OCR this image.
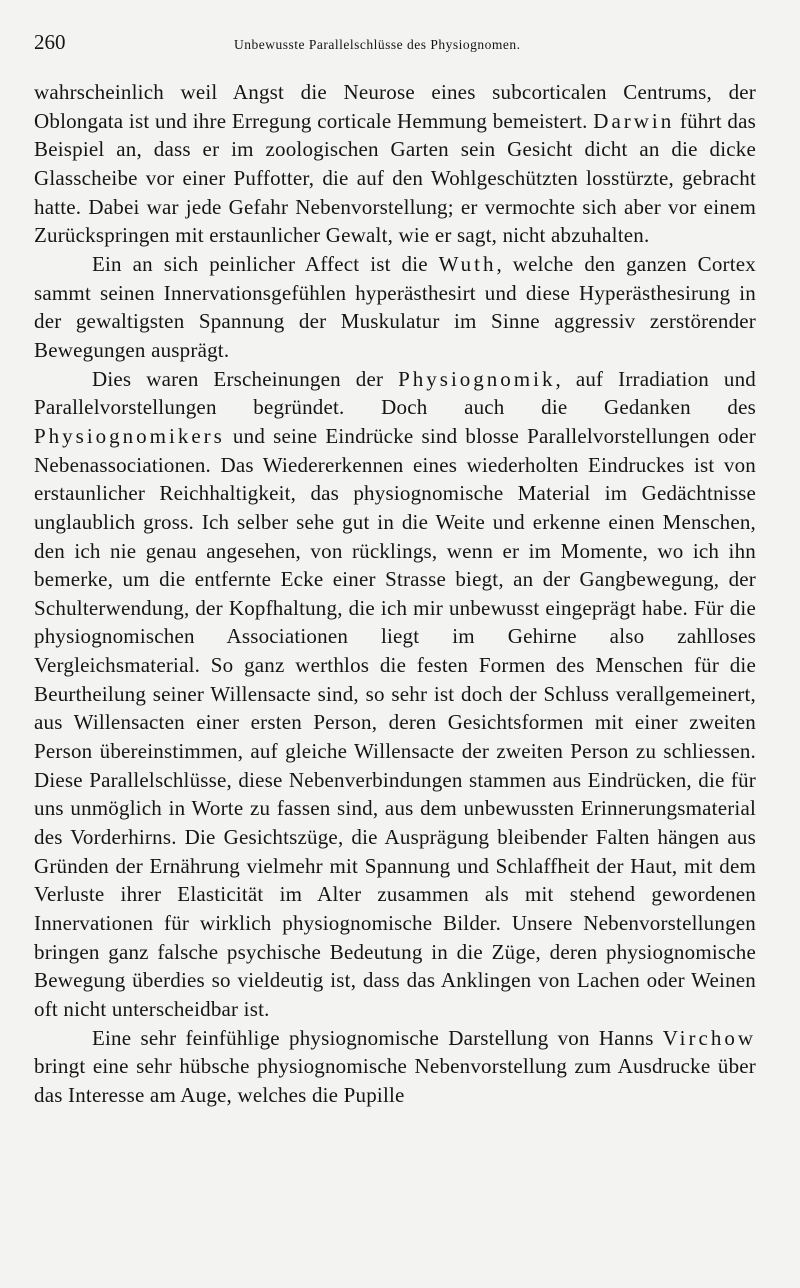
260	Unbewusste Parallelschlüsse des Physiognomen.

wahrscheinlich weil Angst die Neurose eines subcorticalen Centrums, der Oblongata ist und ihre Erregung corticale Hemmung bemeistert. Darwin führt das Beispiel an, dass er im zoologischen Garten sein Gesicht dicht an die dicke Glasscheibe vor einer Puffotter, die auf den Wohlgeschützten losstürzte, gebracht hatte. Dabei war jede Gefahr Nebenvorstellung; er vermochte sich aber vor einem Zurückspringen mit erstaunlicher Gewalt, wie er sagt, nicht abzuhalten.

Ein an sich peinlicher Affect ist die Wuth, welche den ganzen Cortex sammt seinen Innervationsgefühlen hyperästhesirt und diese Hyperästhesirung in der gewaltigsten Spannung der Muskulatur im Sinne aggressiv zerstörender Bewegungen ausprägt.

Dies waren Erscheinungen der Physiognomik, auf Irradiation und Parallelvorstellungen begründet. Doch auch die Gedanken des Physiognomikers und seine Eindrücke sind blosse Parallelvorstellungen oder Nebenassociationen. Das Wiedererkennen eines wiederholten Eindruckes ist von erstaunlicher Reichhaltigkeit, das physiognomische Material im Gedächtnisse unglaublich gross. Ich selber sehe gut in die Weite und erkenne einen Menschen, den ich nie genau angesehen, von rücklings, wenn er im Momente, wo ich ihn bemerke, um die entfernte Ecke einer Strasse biegt, an der Gangbewegung, der Schulterwendung, der Kopfhaltung, die ich mir unbewusst eingeprägt habe. Für die physiognomischen Associationen liegt im Gehirne also zahlloses Vergleichsmaterial. So ganz werthlos die festen Formen des Menschen für die Beurtheilung seiner Willensacte sind, so sehr ist doch der Schluss verallgemeinert, aus Willensacten einer ersten Person, deren Gesichtsformen mit einer zweiten Person übereinstimmen, auf gleiche Willensacte der zweiten Person zu schliessen. Diese Parallelschlüsse, diese Nebenverbindungen stammen aus Eindrücken, die für uns unmöglich in Worte zu fassen sind, aus dem unbewussten Erinnerungsmaterial des Vorderhirns. Die Gesichtszüge, die Ausprägung bleibender Falten hängen aus Gründen der Ernährung vielmehr mit Spannung und Schlaffheit der Haut, mit dem Verluste ihrer Elasticität im Alter zusammen als mit stehend gewordenen Innervationen für wirklich physiognomische Bilder. Unsere Nebenvorstellungen bringen ganz falsche psychische Bedeutung in die Züge, deren physiognomische Bewegung überdies so vieldeutig ist, dass das Anklingen von Lachen oder Weinen oft nicht unterscheidbar ist.

Eine sehr feinfühlige physiognomische Darstellung von Hanns Virchow bringt eine sehr hübsche physiognomische Nebenvorstellung zum Ausdrucke über das Interesse am Auge, welches die Pupille
